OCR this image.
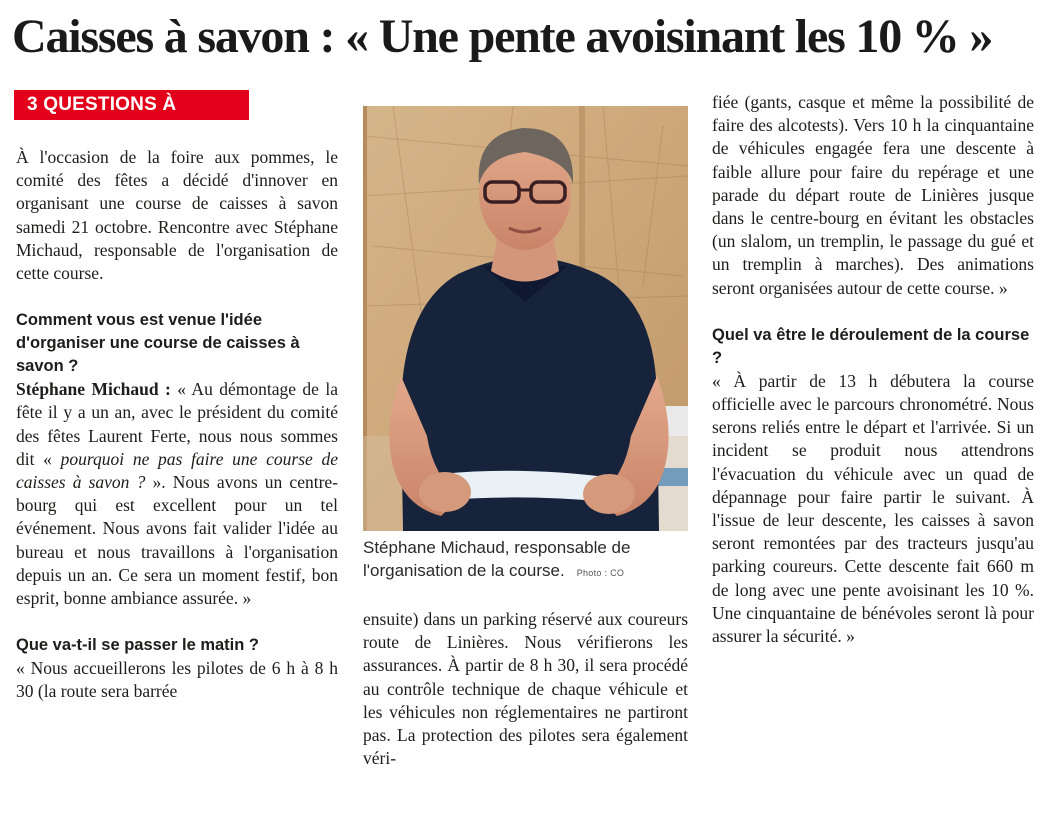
Caisses à savon : « Une pente avoisinant les 10 % »
3 QUESTIONS À

À l'occasion de la foire aux pommes, le comité des fêtes a décidé d'innover en organisant une course de caisses à savon samedi 21 octobre. Rencontre avec Stéphane Michaud, responsable de l'organisation de cette course.

Comment vous est venue l'idée d'organiser une course de caisses à savon ?

Stéphane Michaud : « Au démontage de la fête il y a un an, avec le président du comité des fêtes Laurent Ferte, nous nous sommes dit « pourquoi ne pas faire une course de caisses à savon ? ». Nous avons un centre-bourg qui est excellent pour un tel événement. Nous avons fait valider l'idée au bureau et nous travaillons à l'organisation depuis un an. Ce sera un moment festif, bon esprit, bonne ambiance assurée. »

Que va-t-il se passer le matin ?

« Nous accueillerons les pilotes de 6 h à 8 h 30 (la route sera barrée

Stéphane Michaud, responsable de l'organisation de la course. Photo : CO

ensuite) dans un parking réservé aux coureurs route de Linières. Nous vérifierons les assurances. À partir de 8 h 30, il sera procédé au contrôle technique de chaque véhicule et les véhicules non réglementaires ne partiront pas. La protection des pilotes sera également véri-

fiée (gants, casque et même la possibilité de faire des alcotests). Vers 10 h la cinquantaine de véhicules engagée fera une descente à faible allure pour faire du repérage et une parade du départ route de Linières jusque dans le centre-bourg en évitant les obstacles (un slalom, un tremplin, le passage du gué et un tremplin à marches). Des animations seront organisées autour de cette course. »

Quel va être le déroulement de la course ?

« À partir de 13 h débutera la course officielle avec le parcours chronométré. Nous serons reliés entre le départ et l'arrivée. Si un incident se produit nous attendrons l'évacuation du véhicule avec un quad de dépannage pour faire partir le suivant. À l'issue de leur descente, les caisses à savon seront remontées par des tracteurs jusqu'au parking coureurs. Cette descente fait 660 m de long avec une pente avoisinant les 10 %. Une cinquantaine de bénévoles seront là pour assurer la sécurité. »
